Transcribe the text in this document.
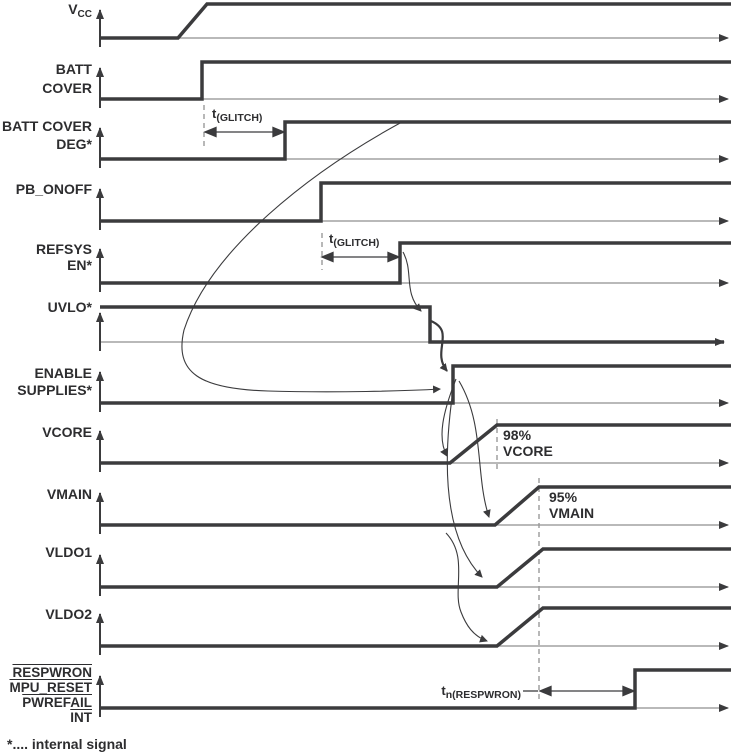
$V_{CC}$
BATT
COVER
BATT COVER
DEG*
PB_ONOFF
REFSYS
EN*
UVLO*
ENABLE
SUPPLIES*
VCORE
VMAIN
VLDO1
VLDO2
RESPWRON
MPU_RESET
PWREFAIL
$\overline{INT}$
$t_{(GLITCH)}$
$t_{(GLITCH)}$
98%
VCORE
95%
VMAIN
$t_{n(RESPWRON)}$
*.... internal signal
